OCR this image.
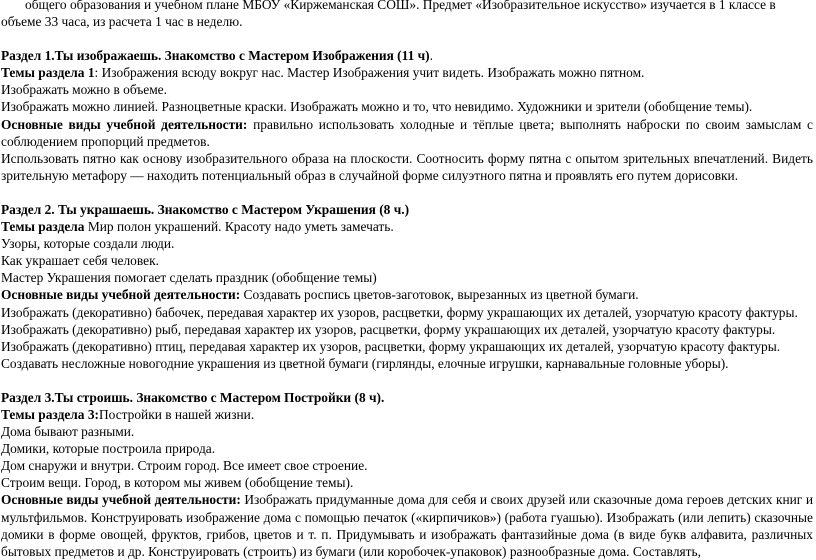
общего образования и учебном плане МБОУ «Киржеманская СОШ». Предмет «Изобразительное искусство» изучается в 1 классе в

объеме 33 часа, из расчета 1 час в неделю.

Раздел 1.Ты изображаешь. Знакомство с Мастером Изображения (11 ч).

Темы раздела 1: Изображения всюду вокруг нас. Мастер Изображения учит видеть. Изображать можно пятном.

Изображать можно в объеме.

Изображать можно линией. Разноцветные краски. Изображать можно и то, что невидимо. Художники и зрители (обобщение темы).

Основные виды учебной деятельности: правильно использовать холодные и тёплые цвета; выполнять наброски по своим замыслам с соблюдением пропорций предметов.

Использовать пятно как основу изобразительного образа на плоскости. Соотносить форму пятна с опытом зрительных впечатлений. Видеть зрительную метафору — находить потенциальный образ в случайной форме силуэтного пятна и проявлять его путем дорисовки.

Раздел 2. Ты украшаешь. Знакомство с Мастером Украшения (8 ч.)

Темы раздела Мир полон украшений. Красоту надо уметь замечать.

Узоры, которые создали люди.

Как украшает себя человек.

Мастер Украшения помогает сделать праздник (обобщение темы)

Основные виды учебной деятельности: Создавать роспись цветов-заготовок, вырезанных из цветной бумаги.

Изображать (декоративно) бабочек, передавая характер их узоров, расцветки, форму украшающих их деталей, узорчатую красоту фактуры.

Изображать (декоративно) рыб, передавая характер их узоров, расцветки, форму украшающих их деталей, узорчатую красоту фактуры.

Изображать (декоративно) птиц, передавая характер их узоров, расцветки, форму украшающих их деталей, узорчатую красоту фактуры.

Создавать несложные новогодние украшения из цветной бумаги (гирлянды, елочные игрушки, карнавальные головные уборы).

Раздел 3.Ты строишь. Знакомство с Мастером Постройки (8 ч).

Темы раздела 3:Постройки в нашей жизни.

Дома бывают разными.

Домики, которые построила природа.

Дом снаружи и внутри. Строим город. Все имеет свое строение.

Строим вещи. Город, в котором мы живем (обобщение темы).

Основные виды учебной деятельности: Изображать придуманные дома для себя и своих друзей или сказочные дома героев детских книг и мультфильмов. Конструировать изображение дома с помощью печаток («кирпичиков») (работа гуашью). Изображать (или лепить) сказочные домики в форме овощей, фруктов, грибов, цветов и т. п. Придумывать и изображать фантазийные дома (в виде букв алфавита, различных бытовых предметов и др. Конструировать (строить) из бумаги (или коробочек-упаковок) разнообразные дома. Составлять,
